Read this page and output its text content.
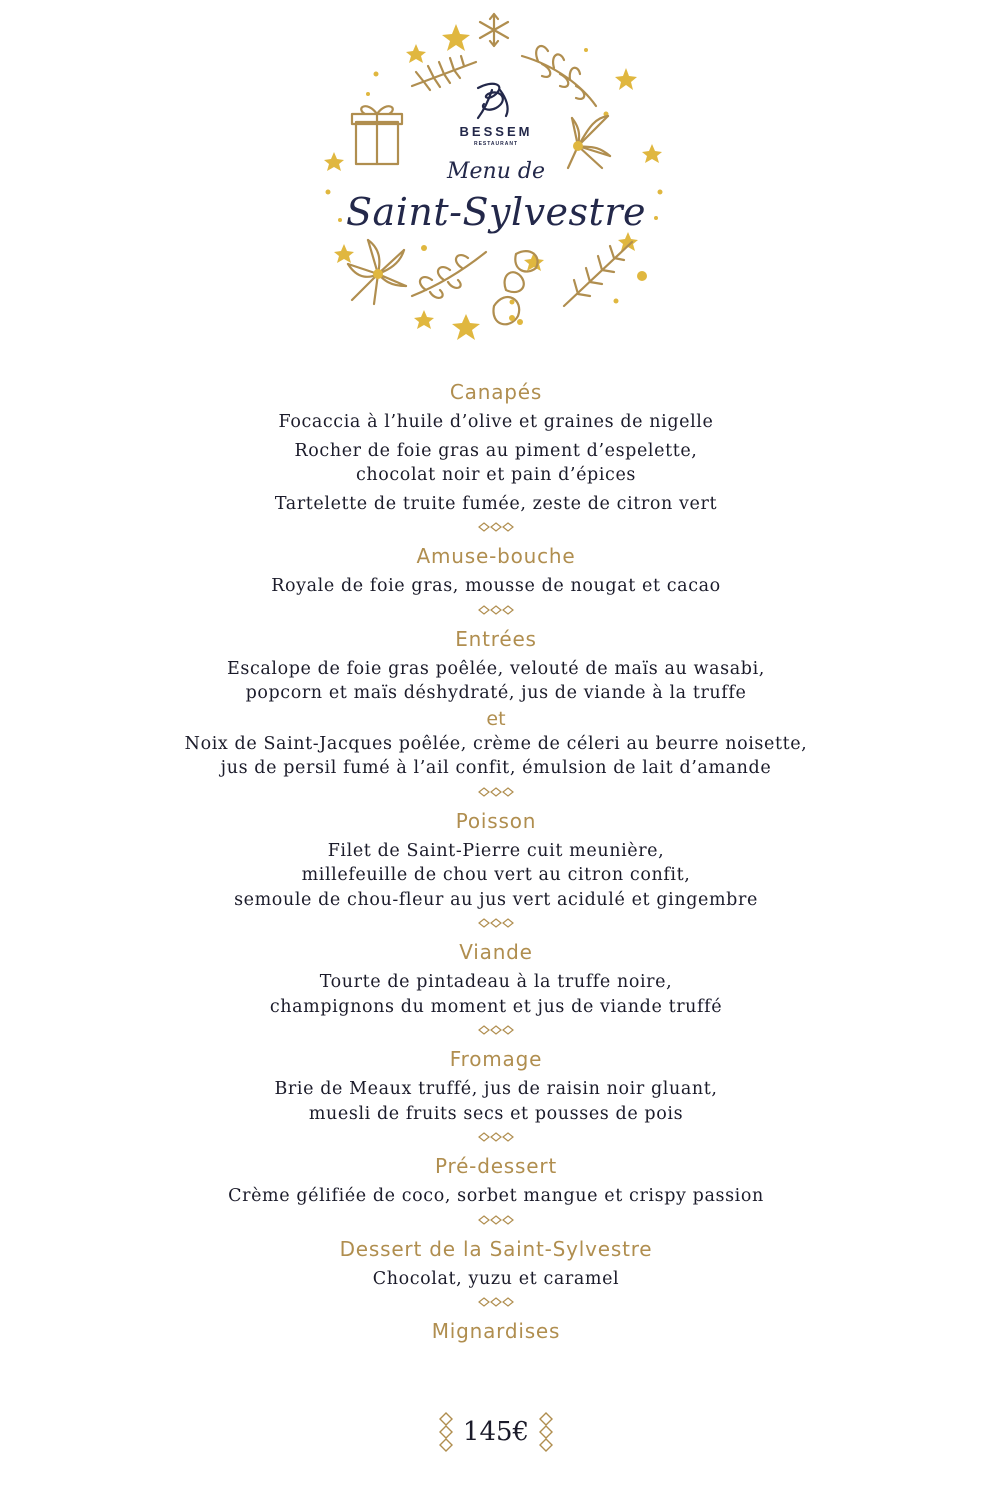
BESSEM
RESTAURANT
Menu de
Saint-Sylvestre
Canapés
Focaccia à l’huile d’olive et graines de nigelle
Rocher de foie gras au piment d’espelette,
chocolat noir et pain d’épices
Tartelette de truite fumée, zeste de citron vert
Amuse-bouche
Royale de foie gras, mousse de nougat et cacao
Entrées
Escalope de foie gras poêlée, velouté de maïs au wasabi,
popcorn et maïs déshydraté, jus de viande à la truffe
et
Noix de Saint-Jacques poêlée, crème de céleri au beurre noisette,
jus de persil fumé à l’ail confit, émulsion de lait d’amande
Poisson
Filet de Saint-Pierre cuit meunière,
millefeuille de chou vert au citron confit,
semoule de chou-fleur au jus vert acidulé et gingembre
Viande
Tourte de pintadeau à la truffe noire,
champignons du moment et jus de viande truffé
Fromage
Brie de Meaux truffé, jus de raisin noir gluant,
muesli de fruits secs et pousses de pois
Pré-dessert
Crème gélifiée de coco, sorbet mangue et crispy passion
Dessert de la Saint-Sylvestre
Chocolat, yuzu et caramel
Mignardises
145€
